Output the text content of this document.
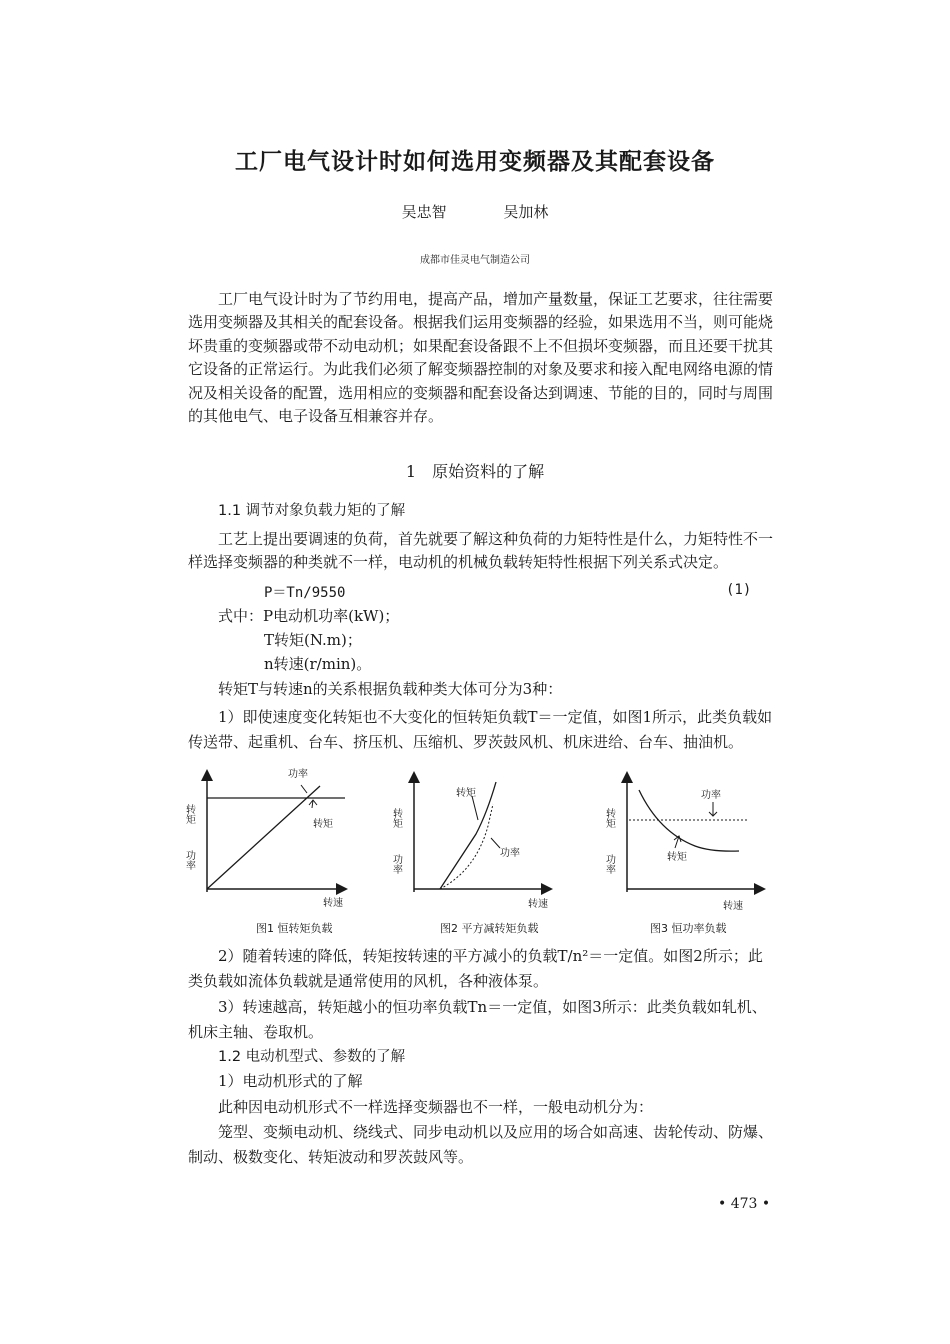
工厂电气设计时如何选用变频器及其配套设备
吴忠智	吴加林
成都市佳灵电气制造公司
工厂电气设计时为了节约用电，提高产品，增加产量数量，保证工艺要求，往往需要选用变频器及其相关的配套设备。根据我们运用变频器的经验，如果选用不当，则可能烧坏贵重的变频器或带不动电动机；如果配套设备跟不上不但损坏变频器，而且还要干扰其它设备的正常运行。为此我们必须了解变频器控制的对象及要求和接入配电网络电源的情况及相关设备的配置，选用相应的变频器和配套设备达到调速、节能的目的，同时与周围的其他电气、电子设备互相兼容并存。
1　原始资料的了解
1.1 调节对象负载力矩的了解
工艺上提出要调速的负荷，首先就要了解这种负荷的力矩特性是什么，力矩特性不一样选择变频器的种类就不一样，电动机的机械负载转矩特性根据下列关系式决定。
P＝Tn/9550	(1)
式中：P电动机功率(kW)；
T转矩(N.m)；
n转速(r/min)。
转矩T与转速n的关系根据负载种类大体可分为3种：
1）即使速度变化转矩也不大变化的恒转矩负载T＝一定值，如图1所示，此类负载如
传送带、起重机、台车、挤压机、压缩机、罗茨鼓风机、机床进给、台车、抽油机。
功率
转矩
转矩
功率
转速
图1 恒转矩负载
转矩
功率
转矩
功率
转速
图2 平方减转矩负载
功率
转矩
转矩
功率
转速
图3 恒功率负载
2）随着转速的降低，转矩按转速的平方减小的负载T/n²＝一定值。如图2所示；此
类负载如流体负载就是通常使用的风机，各种液体泵。
3）转速越高，转矩越小的恒功率负载Tn＝一定值，如图3所示：此类负载如轧机、
机床主轴、卷取机。
1.2 电动机型式、参数的了解
1）电动机形式的了解
此种因电动机形式不一样选择变频器也不一样，一般电动机分为：
笼型、变频电动机、绕线式、同步电动机以及应用的场合如高速、齿轮传动、防爆、
制动、极数变化、转矩波动和罗茨鼓风等。
• 473 •
